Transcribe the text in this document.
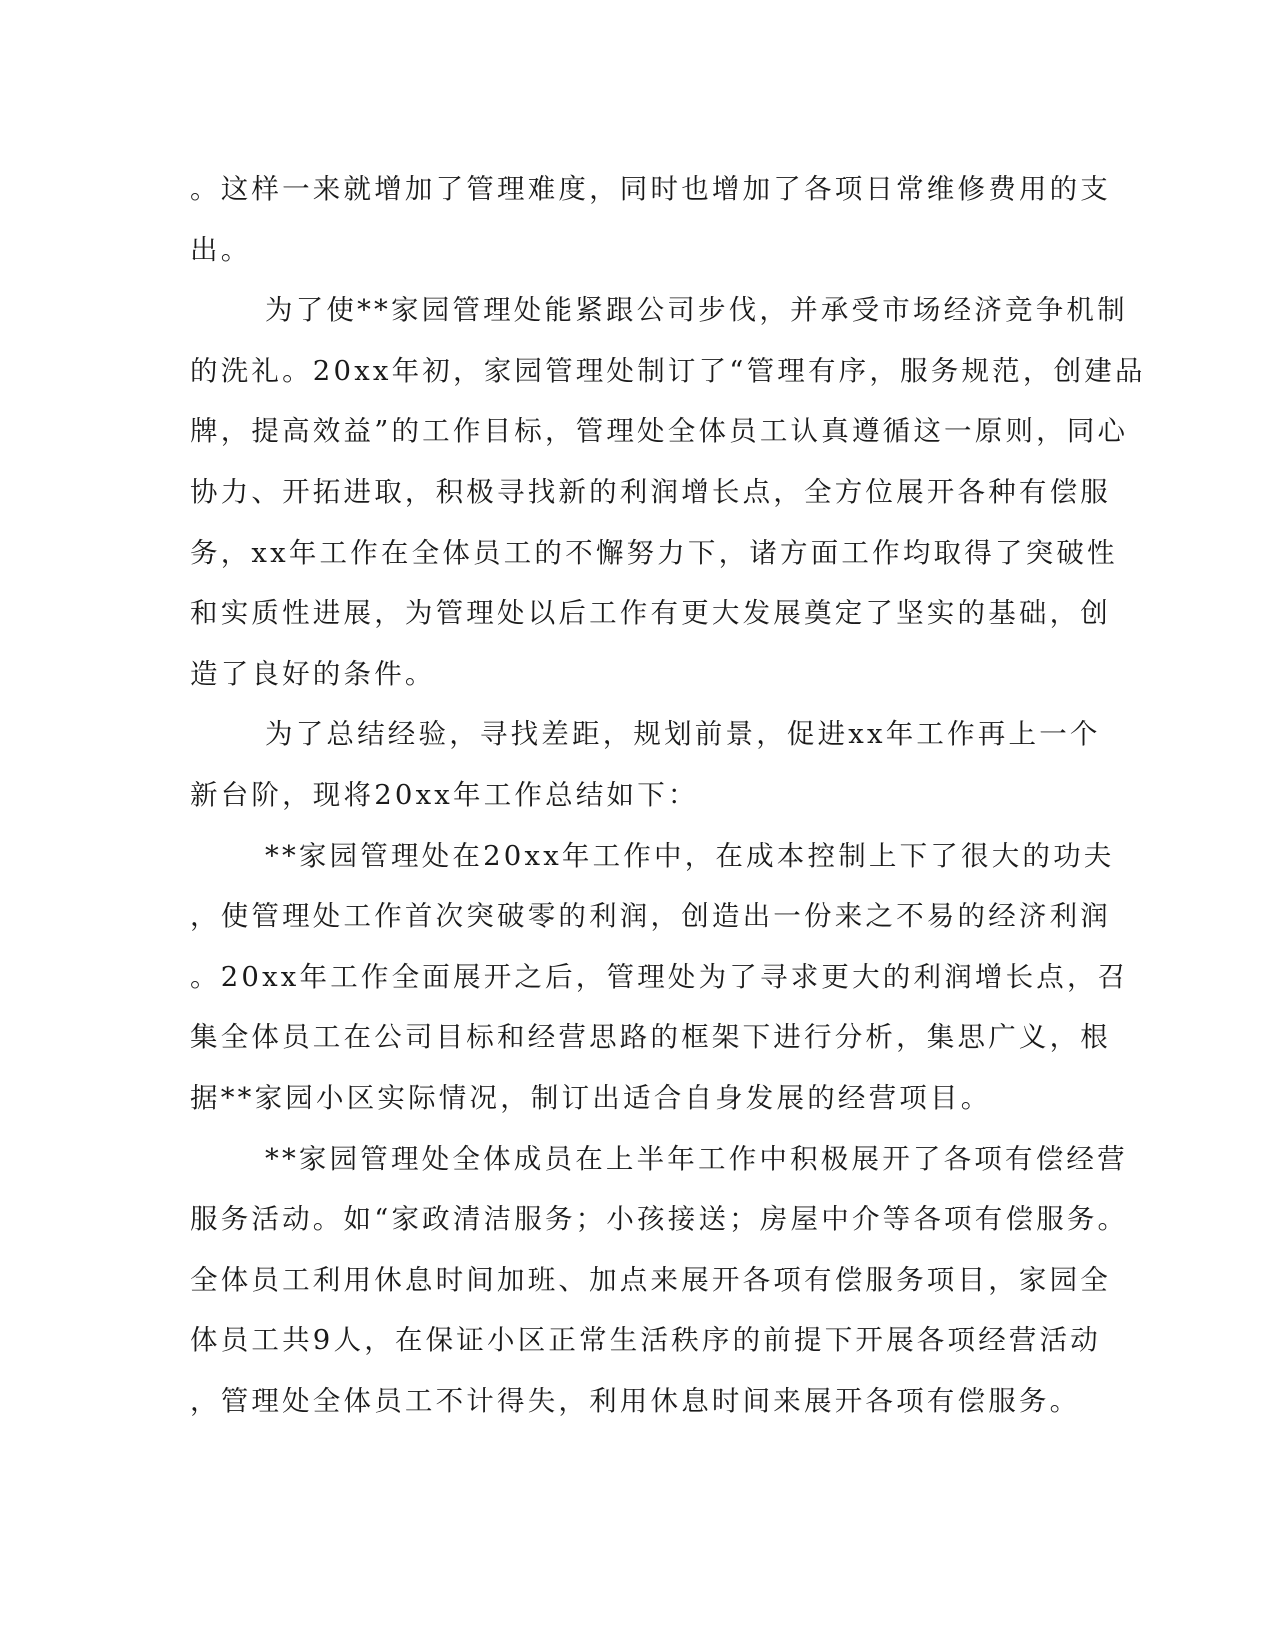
。这样一来就增加了管理难度，同时也增加了各项日常维修费用的支
出。
为了使**家园管理处能紧跟公司步伐，并承受市场经济竞争机制
的洗礼。20xx年初，家园管理处制订了“管理有序，服务规范，创建品
牌，提高效益”的工作目标，管理处全体员工认真遵循这一原则，同心
协力、开拓进取，积极寻找新的利润增长点，全方位展开各种有偿服
务，xx年工作在全体员工的不懈努力下，诸方面工作均取得了突破性
和实质性进展，为管理处以后工作有更大发展奠定了坚实的基础，创
造了良好的条件。
为了总结经验，寻找差距，规划前景，促进xx年工作再上一个
新台阶，现将20xx年工作总结如下：
**家园管理处在20xx年工作中，在成本控制上下了很大的功夫
，使管理处工作首次突破零的利润，创造出一份来之不易的经济利润
。20xx年工作全面展开之后，管理处为了寻求更大的利润增长点，召
集全体员工在公司目标和经营思路的框架下进行分析，集思广义，根
据**家园小区实际情况，制订出适合自身发展的经营项目。
**家园管理处全体成员在上半年工作中积极展开了各项有偿经营
服务活动。如“家政清洁服务；小孩接送；房屋中介等各项有偿服务。
全体员工利用休息时间加班、加点来展开各项有偿服务项目，家园全
体员工共9人，在保证小区正常生活秩序的前提下开展各项经营活动
，管理处全体员工不计得失，利用休息时间来展开各项有偿服务。
